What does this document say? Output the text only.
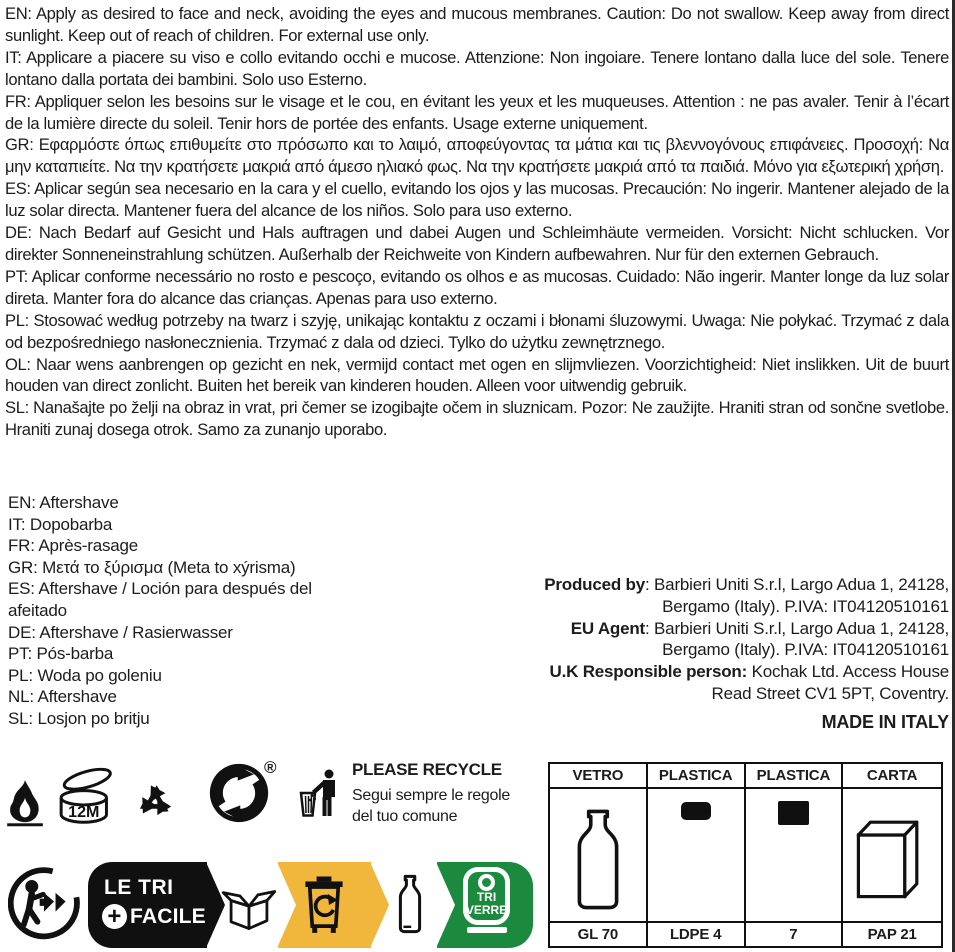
EN: Apply as desired to face and neck, avoiding the eyes and mucous membranes. Caution: Do not swallow. Keep away from direct sunlight. Keep out of reach of children. For external use only.

IT: Applicare a piacere su viso e collo evitando occhi e mucose. Attenzione: Non ingoiare. Tenere lontano dalla luce del sole. Tenere lontano dalla portata dei bambini. Solo uso Esterno.

FR: Appliquer selon les besoins sur le visage et le cou, en évitant les yeux et les muqueuses. Attention : ne pas avaler. Tenir à l’écart de la lumière directe du soleil. Tenir hors de portée des enfants. Usage externe uniquement.

GR: Εφαρμόστε όπως επιθυμείτε στο πρόσωπο και το λαιμό, αποφεύγοντας τα μάτια και τις βλεννογόνους επιφάνειες. Προσοχή: Να μην καταπιείτε. Να την κρατήσετε μακριά από άμεσο ηλιακό φως. Να την κρατήσετε μακριά από τα παιδιά. Μόνο για εξωτερική χρήση.

ES: Aplicar según sea necesario en la cara y el cuello, evitando los ojos y las mucosas. Precaución: No ingerir. Mantener alejado de la luz solar directa. Mantener fuera del alcance de los niños. Solo para uso externo.

DE: Nach Bedarf auf Gesicht und Hals auftragen und dabei Augen und Schleimhäute vermeiden. Vorsicht: Nicht schlucken. Vor direkter Sonneneinstrahlung schützen. Außerhalb der Reichweite von Kindern aufbewahren. Nur für den externen Gebrauch.

PT: Aplicar conforme necessário no rosto e pescoço, evitando os olhos e as mucosas. Cuidado: Não ingerir. Manter longe da luz solar direta. Manter fora do alcance das crianças. Apenas para uso externo.

PL: Stosować według potrzeby na twarz i szyję, unikając kontaktu z oczami i błonami śluzowymi. Uwaga: Nie połykać. Trzymać z dala od bezpośredniego nasłonecznienia. Trzymać z dala od dzieci. Tylko do użytku zewnętrznego.

OL: Naar wens aanbrengen op gezicht en nek, vermijd contact met ogen en slijmvliezen. Voorzichtigheid: Niet inslikken. Uit de buurt houden van direct zonlicht. Buiten het bereik van kinderen houden. Alleen voor uitwendig gebruik.

SL: Nanašajte po želji na obraz in vrat, pri čemer se izogibajte očem in sluznicam. Pozor: Ne zaužijte. Hraniti stran od sončne svetlobe. Hraniti zunaj dosega otrok. Samo za zunanjo uporabo.

EN: Aftershave
IT: Dopobarba
FR: Après-rasage
GR: Μετά το ξύρισμα (Meta to xýrisma)
ES: Aftershave / Loción para después del afeitado
DE: Aftershave / Rasierwasser
PT: Pós-barba
PL: Woda po goleniu
NL: Aftershave
SL: Losjon po britju
Produced by: Barbieri Uniti S.r.l, Largo Adua 1, 24128,
Bergamo (Italy). P.IVA: IT04120510161
EU Agent: Barbieri Uniti S.r.l, Largo Adua 1, 24128,
Bergamo (Italy). P.IVA: IT04120510161
U.K Responsible person: Kochak Ltd. Access House
Read Street CV1 5PT, Coventry.
MADE IN ITALY
12M
®	PLEASE RECYCLE

Segui sempre le regole

del tuo comune

LE TRI
+ FACILE
TRI
VERRE
VETRO	PLASTICA	PLASTICA	CARTA
GL 70	LDPE 4	7	PAP 21
